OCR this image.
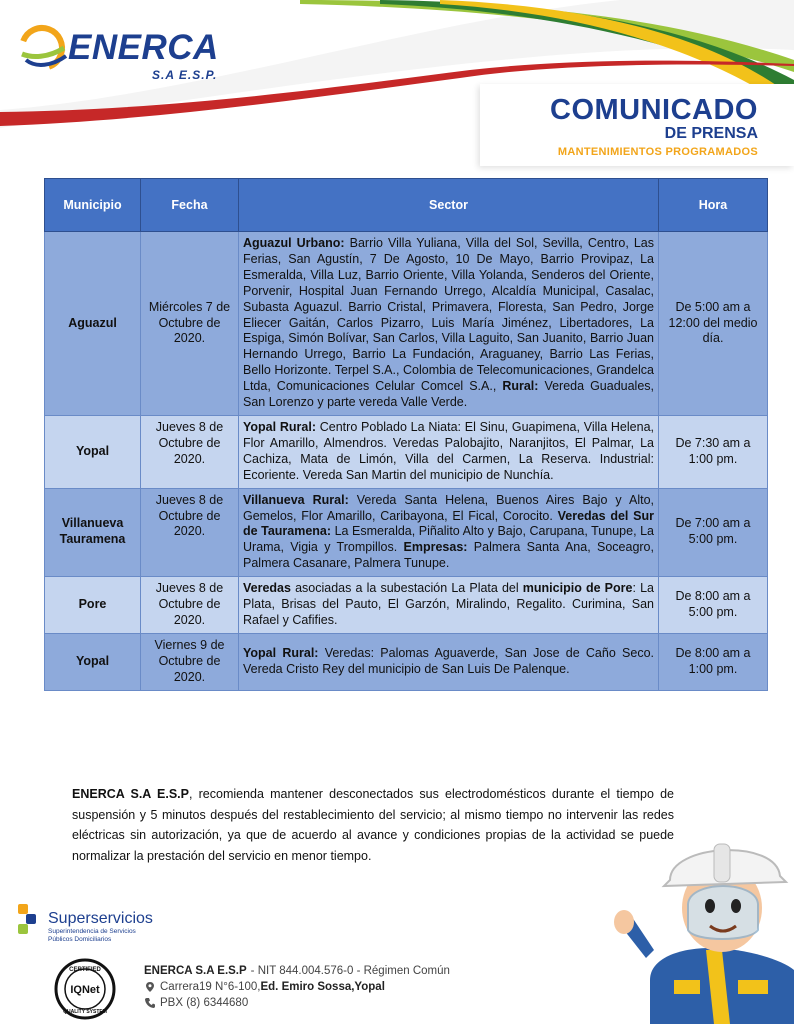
ENERCA
S.A E.S.P.
COMUNICADO
DE PRENSA
MANTENIMIENTOS PROGRAMADOS
Municipio	Fecha	Sector	Hora
Aguazul	Miércoles 7 de Octubre de 2020.	Aguazul Urbano: Barrio Villa Yuliana, Villa del Sol, Sevilla, Centro, Las Ferias, San Agustín, 7 De Agosto, 10 De Mayo, Barrio Provipaz, La Esmeralda, Villa Luz, Barrio Oriente, Villa Yolanda, Senderos del Oriente, Porvenir, Hospital Juan Fernando Urrego, Alcaldía Municipal, Casalac, Subasta Aguazul. Barrio Cristal, Primavera, Floresta, San Pedro, Jorge Eliecer Gaitán, Carlos Pizarro, Luis María Jiménez, Libertadores, La Espiga, Simón Bolívar, San Carlos, Villa Laguito, San Juanito, Barrio Juan Hernando Urrego, Barrio La Fundación, Araguaney, Barrio Las Ferias, Bello Horizonte. Terpel S.A., Colombia de Telecomunicaciones, Grandelca Ltda, Comunicaciones Celular Comcel S.A., Rural: Vereda Guaduales, San Lorenzo y parte vereda Valle Verde.	De 5:00 am a 12:00 del medio día.
Yopal	Jueves 8 de Octubre de 2020.	Yopal Rural: Centro Poblado La Niata: El Sinu, Guapimena, Villa Helena, Flor Amarillo, Almendros. Veredas Palobajito, Naranjitos, El Palmar, La Cachiza, Mata de Limón, Villa del Carmen, La Reserva. Industrial: Ecoriente. Vereda San Martin del municipio de Nunchía.	De 7:30 am a 1:00 pm.
Villanueva Tauramena	Jueves 8 de Octubre de 2020.	Villanueva Rural: Vereda Santa Helena, Buenos Aires Bajo y Alto, Gemelos, Flor Amarillo, Caribayona, El Fical, Corocito. Veredas del Sur de Tauramena: La Esmeralda, Piñalito Alto y Bajo, Carupana, Tunupe, La Urama, Vigia y Trompillos. Empresas: Palmera Santa Ana, Soceagro, Palmera Casanare, Palmera Tunupe.	De 7:00 am a 5:00 pm.
Pore	Jueves 8 de Octubre de 2020.	Veredas asociadas a la subestación La Plata del municipio de Pore: La Plata, Brisas del Pauto, El Garzón, Miralindo, Regalito. Curimina, San Rafael y Cafifies.	De 8:00 am a 5:00 pm.
Yopal	Viernes 9 de Octubre de 2020.	Yopal Rural: Veredas: Palomas Aguaverde, San Jose de Caño Seco. Vereda Cristo Rey del municipio de San Luis De Palenque.	De 8:00 am a 1:00 pm.
ENERCA S.A E.S.P, recomienda mantener desconectados sus electrodomésticos durante el tiempo de suspensión y 5 minutos después del restablecimiento del servicio; al mismo tiempo no intervenir las redes eléctricas sin autorización, ya que de acuerdo al avance y condiciones propias de la actividad se puede normalizar la prestación del servicio en menor tiempo.
Superservicios
Superintendencia de Servicios Públicos Domiciliarios
CERTIFIED
IQNet
QUALITY SYSTEM
ENERCA S.A E.S.P - NIT 844.004.576-0 - Régimen Común
Carrera19 N°6-100, Ed. Emiro Sossa,Yopal
PBX (8) 6344680
